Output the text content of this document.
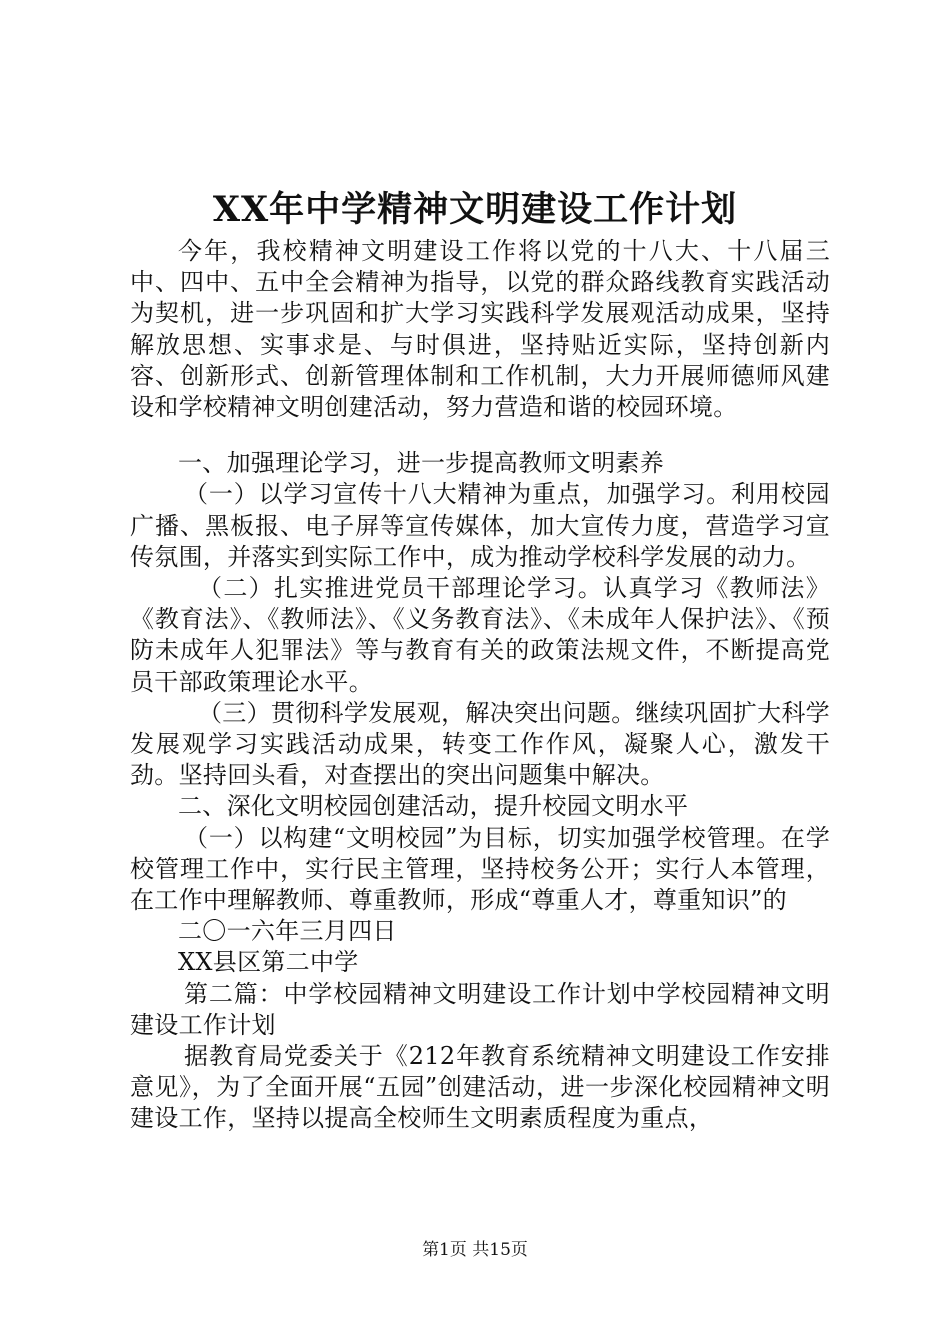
XX年中学精神文明建设工作计划

今年，我校精神文明建设工作将以党的十八大、十八届三中、四中、五中全会精神为指导，以党的群众路线教育实践活动为契机，进一步巩固和扩大学习实践科学发展观活动成果，坚持解放思想、实事求是、与时俱进，坚持贴近实际，坚持创新内容、创新形式、创新管理体制和工作机制，大力开展师德师风建设和学校精神文明创建活动，努力营造和谐的校园环境。

一、加强理论学习，进一步提高教师文明素养

（一）以学习宣传十八大精神为重点，加强学习。利用校园广播、黑板报、电子屏等宣传媒体，加大宣传力度，营造学习宣传氛围，并落实到实际工作中，成为推动学校科学发展的动力。

（二）扎实推进党员干部理论学习。认真学习《教师法》《教育法》、《教师法》、《义务教育法》、《未成年人保护法》、《预防未成年人犯罪法》等与教育有关的政策法规文件，不断提高党员干部政策理论水平。

（三）贯彻科学发展观，解决突出问题。继续巩固扩大科学发展观学习实践活动成果，转变工作作风，凝聚人心，激发干劲。坚持回头看，对查摆出的突出问题集中解决。

二、深化文明校园创建活动，提升校园文明水平

（一）以构建“文明校园”为目标，切实加强学校管理。在学校管理工作中，实行民主管理，坚持校务公开；实行人本管理，在工作中理解教师、尊重教师，形成“尊重人才，尊重知识”的

二〇一六年三月四日

XX县区第二中学

第二篇：中学校园精神文明建设工作计划中学校园精神文明建设工作计划

据教育局党委关于《212年教育系统精神文明建设工作安排意见》，为了全面开展“五园”创建活动，进一步深化校园精神文明建设工作，坚持以提高全校师生文明素质程度为重点，

第1页 共15页
